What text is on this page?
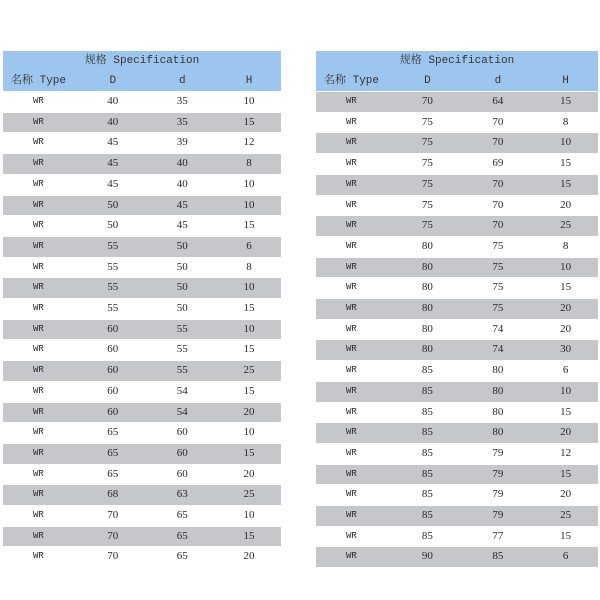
规格 Specification			
名称 Type	D	d	H
WR	40	35	10
WR	40	35	15
WR	45	39	12
WR	45	40	8
WR	45	40	10
WR	50	45	10
WR	50	45	15
WR	55	50	6
WR	55	50	8
WR	55	50	10
WR	55	50	15
WR	60	55	10
WR	60	55	15
WR	60	55	25
WR	60	54	15
WR	60	54	20
WR	65	60	10
WR	65	60	15
WR	65	60	20
WR	68	63	25
WR	70	65	10
WR	70	65	15
WR	70	65	20
规格 Specification			
名称 Type	D	d	H
WR	70	64	15
WR	75	70	8
WR	75	70	10
WR	75	69	15
WR	75	70	15
WR	75	70	20
WR	75	70	25
WR	80	75	8
WR	80	75	10
WR	80	75	15
WR	80	75	20
WR	80	74	20
WR	80	74	30
WR	85	80	6
WR	85	80	10
WR	85	80	15
WR	85	80	20
WR	85	79	12
WR	85	79	15
WR	85	79	20
WR	85	79	25
WR	85	77	15
WR	90	85	6
